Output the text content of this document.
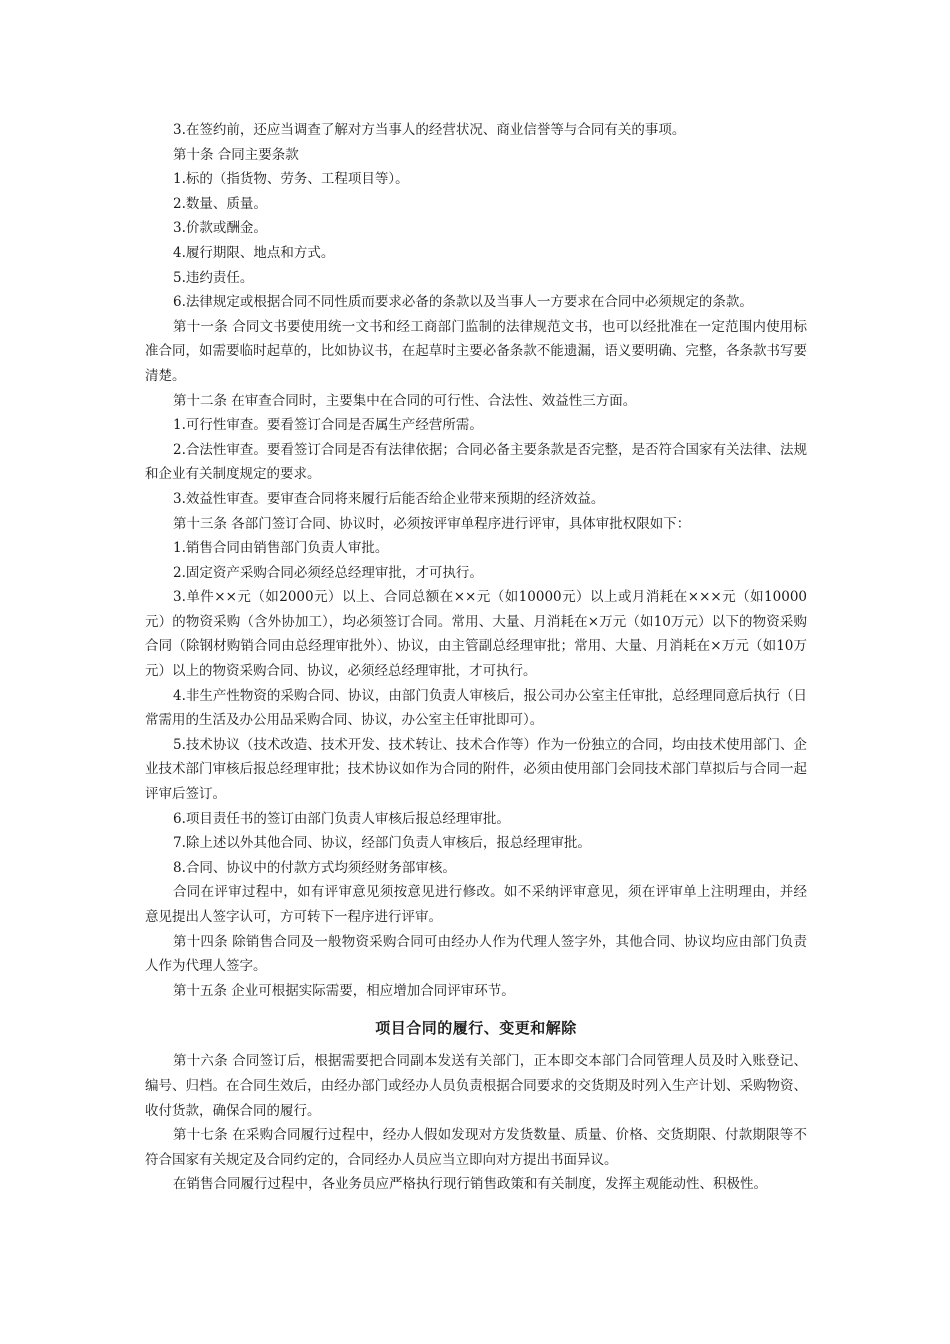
3.在签约前，还应当调查了解对方当事人的经营状况、商业信誉等与合同有关的事项。

第十条 合同主要条款

1.标的（指货物、劳务、工程项目等）。

2.数量、质量。

3.价款或酬金。

4.履行期限、地点和方式。

5.违约责任。

6.法律规定或根据合同不同性质而要求必备的条款以及当事人一方要求在合同中必须规定的条款。

第十一条 合同文书要使用统一文书和经工商部门监制的法律规范文书，也可以经批准在一定范围内使用标准合同，如需要临时起草的，比如协议书，在起草时主要必备条款不能遗漏，语义要明确、完整，各条款书写要清楚。

第十二条 在审查合同时，主要集中在合同的可行性、合法性、效益性三方面。

1.可行性审查。要看签订合同是否属生产经营所需。

2.合法性审查。要看签订合同是否有法律依据；合同必备主要条款是否完整，是否符合国家有关法律、法规和企业有关制度规定的要求。

3.效益性审查。要审查合同将来履行后能否给企业带来预期的经济效益。

第十三条 各部门签订合同、协议时，必须按评审单程序进行评审，具体审批权限如下：

1.销售合同由销售部门负责人审批。

2.固定资产采购合同必须经总经理审批，才可执行。

3.单件××元（如2000元）以上、合同总额在××元（如10000元）以上或月消耗在×××元（如10000元）的物资采购（含外协加工），均必须签订合同。常用、大量、月消耗在×万元（如10万元）以下的物资采购合同（除钢材购销合同由总经理审批外）、协议，由主管副总经理审批；常用、大量、月消耗在×万元（如10万元）以上的物资采购合同、协议，必须经总经理审批，才可执行。

4.非生产性物资的采购合同、协议，由部门负责人审核后，报公司办公室主任审批，总经理同意后执行（日常需用的生活及办公用品采购合同、协议，办公室主任审批即可）。

5.技术协议（技术改造、技术开发、技术转让、技术合作等）作为一份独立的合同，均由技术使用部门、企业技术部门审核后报总经理审批；技术协议如作为合同的附件，必须由使用部门会同技术部门草拟后与合同一起评审后签订。

6.项目责任书的签订由部门负责人审核后报总经理审批。

7.除上述以外其他合同、协议，经部门负责人审核后，报总经理审批。

8.合同、协议中的付款方式均须经财务部审核。

合同在评审过程中，如有评审意见须按意见进行修改。如不采纳评审意见，须在评审单上注明理由，并经意见提出人签字认可，方可转下一程序进行评审。

第十四条 除销售合同及一般物资采购合同可由经办人作为代理人签字外，其他合同、协议均应由部门负责人作为代理人签字。

第十五条 企业可根据实际需要，相应增加合同评审环节。

项目合同的履行、变更和解除

第十六条 合同签订后，根据需要把合同副本发送有关部门，正本即交本部门合同管理人员及时入账登记、编号、归档。在合同生效后，由经办部门或经办人员负责根据合同要求的交货期及时列入生产计划、采购物资、收付货款，确保合同的履行。

第十七条 在采购合同履行过程中，经办人假如发现对方发货数量、质量、价格、交货期限、付款期限等不符合国家有关规定及合同约定的，合同经办人员应当立即向对方提出书面异议。

在销售合同履行过程中，各业务员应严格执行现行销售政策和有关制度，发挥主观能动性、积极性。
